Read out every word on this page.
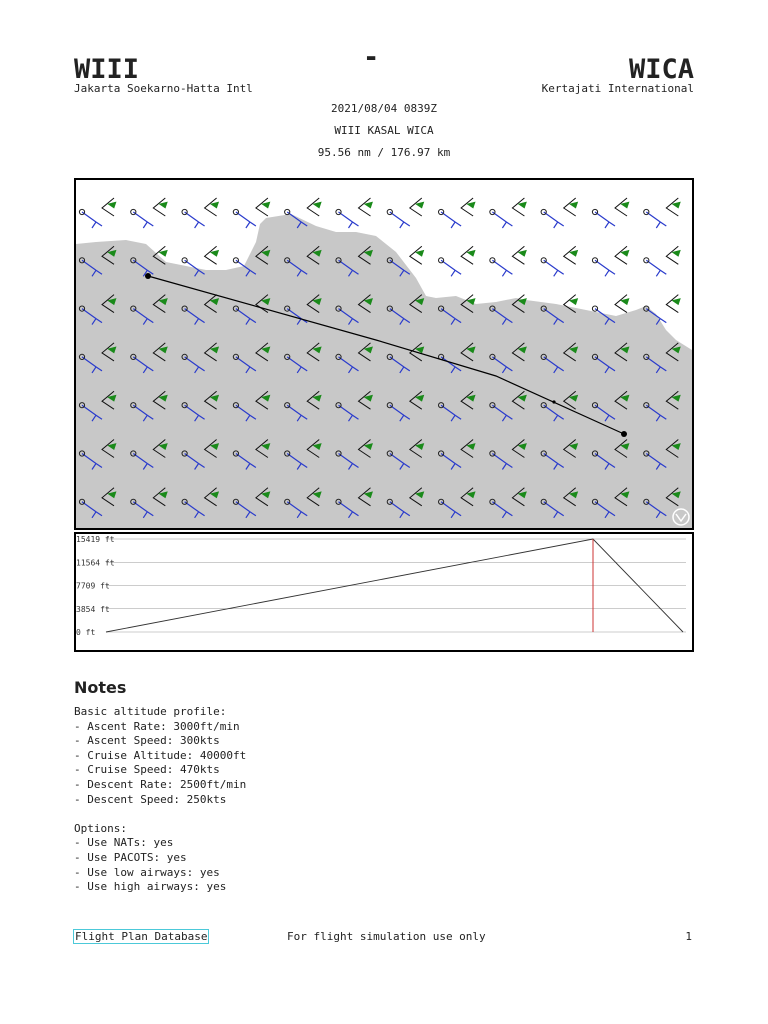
WIII
Jakarta Soekarno-Hatta Intl
-	WICA
Kertajati International
2021/08/04 0839Z
WIII KASAL WICA
95.56 nm / 176.97 km
15419 ft
11564 ft
7709 ft
3854 ft
0 ft
Notes
Basic altitude profile:
- Ascent Rate: 3000ft/min
- Ascent Speed: 300kts
- Cruise Altitude: 40000ft
- Cruise Speed: 470kts
- Descent Rate: 2500ft/min
- Descent Speed: 250kts
Options:
- Use NATs: yes
- Use PACOTS: yes
- Use low airways: yes
- Use high airways: yes
Flight Plan Database	For flight simulation use only	1
